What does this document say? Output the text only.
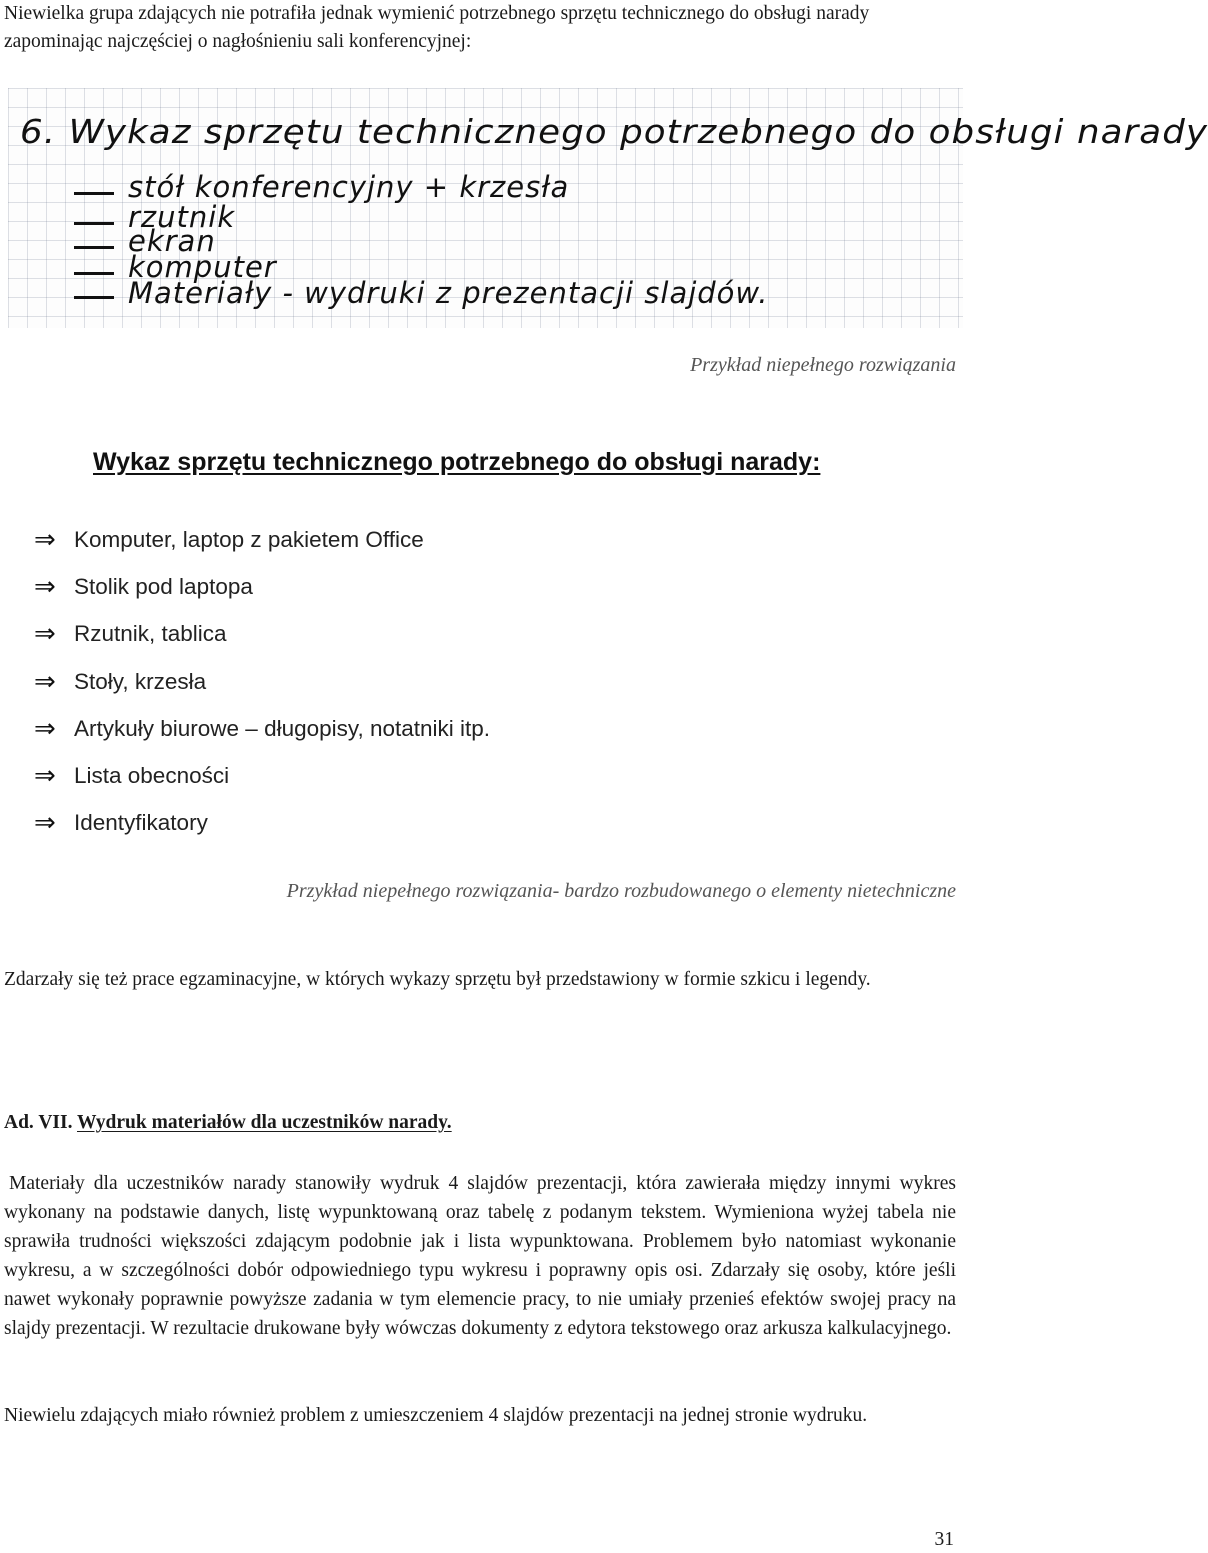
Niewielka grupa zdających nie potrafiła jednak wymienić potrzebnego sprzętu technicznego do obsługi narady zapominając najczęściej o nagłośnieniu sali konferencyjnej:
6. Wykaz sprzętu technicznego potrzebnego do obsługi narady
stół konferencyjny + krzesła
rzutnik
ekran
komputer
Materiały - wydruki z prezentacji slajdów.
Przykład niepełnego rozwiązania
Wykaz sprzętu technicznego potrzebnego do obsługi narady:
⇒ Komputer, laptop z pakietem Office
⇒ Stolik pod laptopa
⇒ Rzutnik, tablica
⇒ Stoły, krzesła
⇒ Artykuły biurowe – długopisy, notatniki itp.
⇒ Lista obecności
⇒ Identyfikatory
Przykład niepełnego rozwiązania- bardzo rozbudowanego o elementy nietechniczne
Zdarzały się też prace egzaminacyjne, w których wykazy sprzętu był przedstawiony w formie szkicu i legendy.
Ad. VII. Wydruk materiałów dla uczestników narady.
Materiały dla uczestników narady stanowiły wydruk 4 slajdów prezentacji, która zawierała między innymi wykres wykonany na podstawie danych, listę wypunktowaną oraz tabelę z podanym tekstem. Wymieniona wyżej tabela nie sprawiła trudności większości zdającym podobnie jak i lista wypunktowana. Problemem było natomiast wykonanie wykresu, a w szczególności dobór odpowiedniego typu wykresu i poprawny opis osi. Zdarzały się osoby, które jeśli nawet wykonały poprawnie powyższe zadania w tym elemencie pracy, to nie umiały przenieś efektów swojej pracy na slajdy prezentacji. W rezultacie drukowane były wówczas dokumenty z edytora tekstowego oraz arkusza kalkulacyjnego.
Niewielu zdających miało również problem z umieszczeniem 4 slajdów prezentacji na jednej stronie wydruku.
31
